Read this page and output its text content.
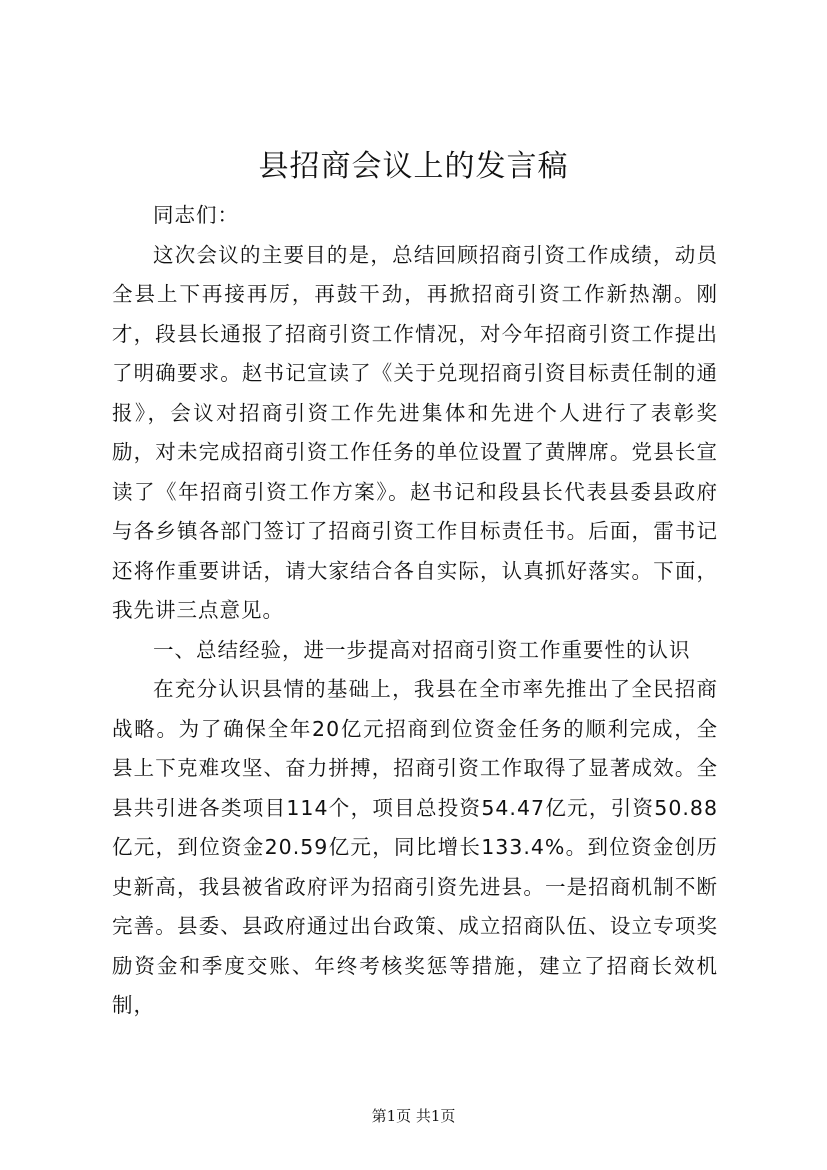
县招商会议上的发言稿

同志们：

这次会议的主要目的是，总结回顾招商引资工作成绩，动员全县上下再接再厉，再鼓干劲，再掀招商引资工作新热潮。刚才，段县长通报了招商引资工作情况，对今年招商引资工作提出了明确要求。赵书记宣读了《关于兑现招商引资目标责任制的通报》，会议对招商引资工作先进集体和先进个人进行了表彰奖励，对未完成招商引资工作任务的单位设置了黄牌席。党县长宣读了《年招商引资工作方案》。赵书记和段县长代表县委县政府与各乡镇各部门签订了招商引资工作目标责任书。后面，雷书记还将作重要讲话，请大家结合各自实际，认真抓好落实。下面，我先讲三点意见。

一、总结经验，进一步提高对招商引资工作重要性的认识

在充分认识县情的基础上，我县在全市率先推出了全民招商战略。为了确保全年20亿元招商到位资金任务的顺利完成，全县上下克难攻坚、奋力拼搏，招商引资工作取得了显著成效。全县共引进各类项目114个，项目总投资54.47亿元，引资50.88亿元，到位资金20.59亿元，同比增长133.4%。到位资金创历史新高，我县被省政府评为招商引资先进县。一是招商机制不断完善。县委、县政府通过出台政策、成立招商队伍、设立专项奖励资金和季度交账、年终考核奖惩等措施，建立了招商长效机制，

第1页 共1页
